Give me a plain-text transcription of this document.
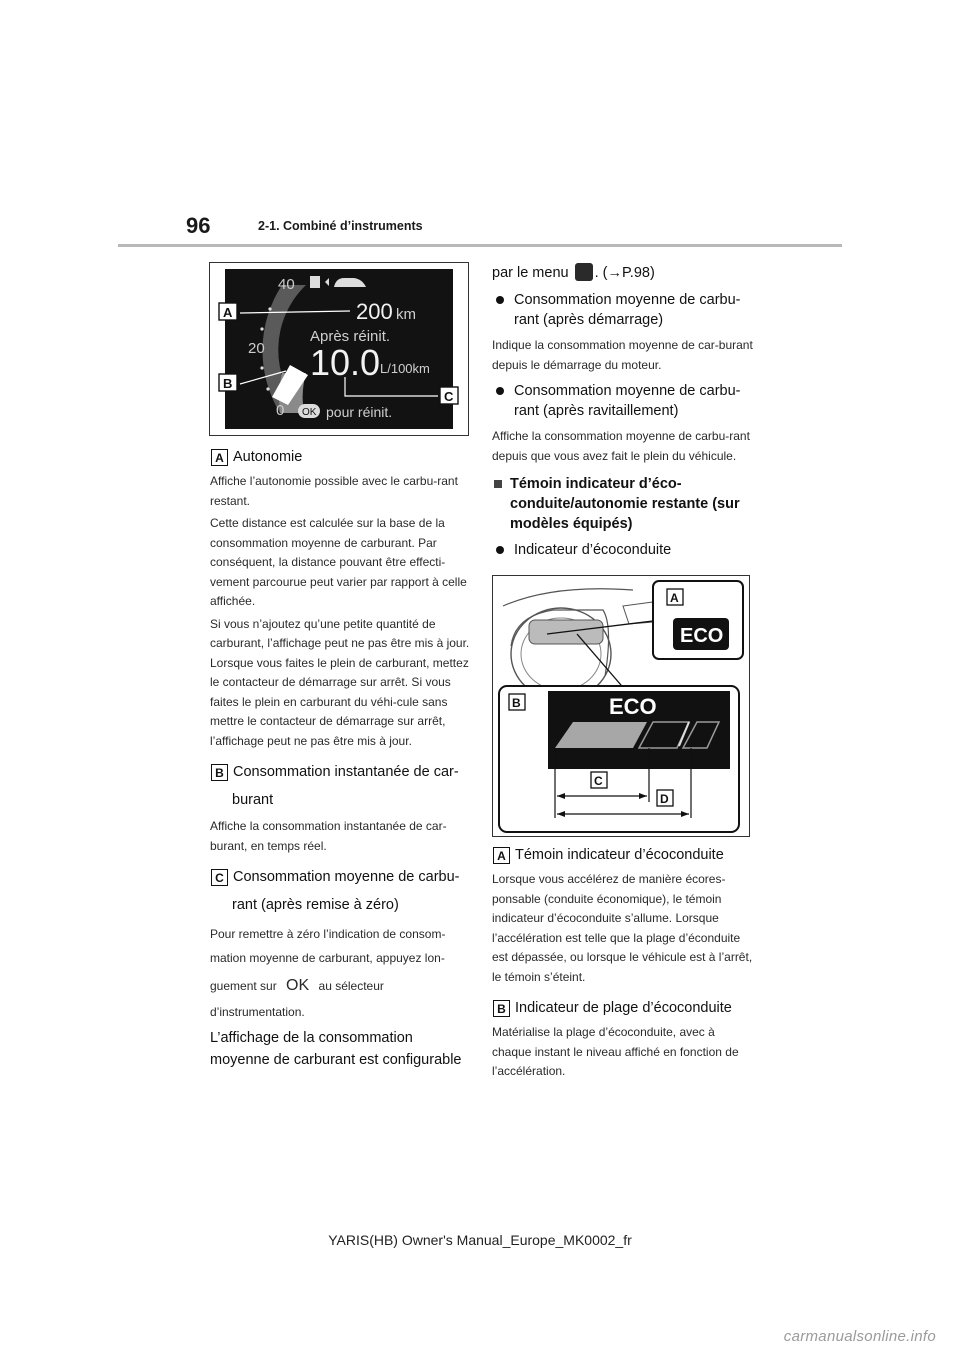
96	2-1. Combiné d’instruments
40
20
0
200 km
Après réinit.
10.0 L/100km
OK pour réinit.
A
B
C
A Autonomie

Affiche l’autonomie possible avec le carbu-rant restant.

Cette distance est calculée sur la base de la consommation moyenne de carburant. Par conséquent, la distance pouvant être effecti-vement parcourue peut varier par rapport à celle affichée.

Si vous n’ajoutez qu’une petite quantité de carburant, l’affichage peut ne pas être mis à jour.

Lorsque vous faites le plein de carburant, mettez le contacteur de démarrage sur arrêt. Si vous faites le plein en carburant du véhi-cule sans mettre le contacteur de démarrage sur arrêt, l’affichage peut ne pas être mis à jour.

B Consommation instantanée de car-
burant

Affiche la consommation instantanée de car-burant, en temps réel.

C Consommation moyenne de carbu-
rant (après remise à zéro)

Pour remettre à zéro l’indication de consom-mation moyenne de carburant, appuyez lon-

guement sur OK au sélecteur

d’instrumentation.

L’affichage de la consommation moyenne de carburant est configurable

par le menu . (→P.98)

Consommation moyenne de carbu-rant (après démarrage)

Indique la consommation moyenne de car-burant depuis le démarrage du moteur.

Consommation moyenne de carbu-rant (après ravitaillement)

Affiche la consommation moyenne de carbu-rant depuis que vous avez fait le plein du véhicule.

Témoin indicateur d’éco-conduite/autonomie restante (sur modèles équipés)
Indicateur d’écoconduite
A
ECO
B	ECO
C
D
A Témoin indicateur d’écoconduite

Lorsque vous accélérez de manière écores-ponsable (conduite économique), le témoin indicateur d’écoconduite s’allume. Lorsque l’accélération est telle que la plage d’éconduite est dépassée, ou lorsque le véhicule est à l’arrêt, le témoin s’éteint.

B Indicateur de plage d’écoconduite

Matérialise la plage d’écoconduite, avec à chaque instant le niveau affiché en fonction de l’accélération.

YARIS(HB) Owner's Manual_Europe_MK0002_fr
carmanualsonline.info
